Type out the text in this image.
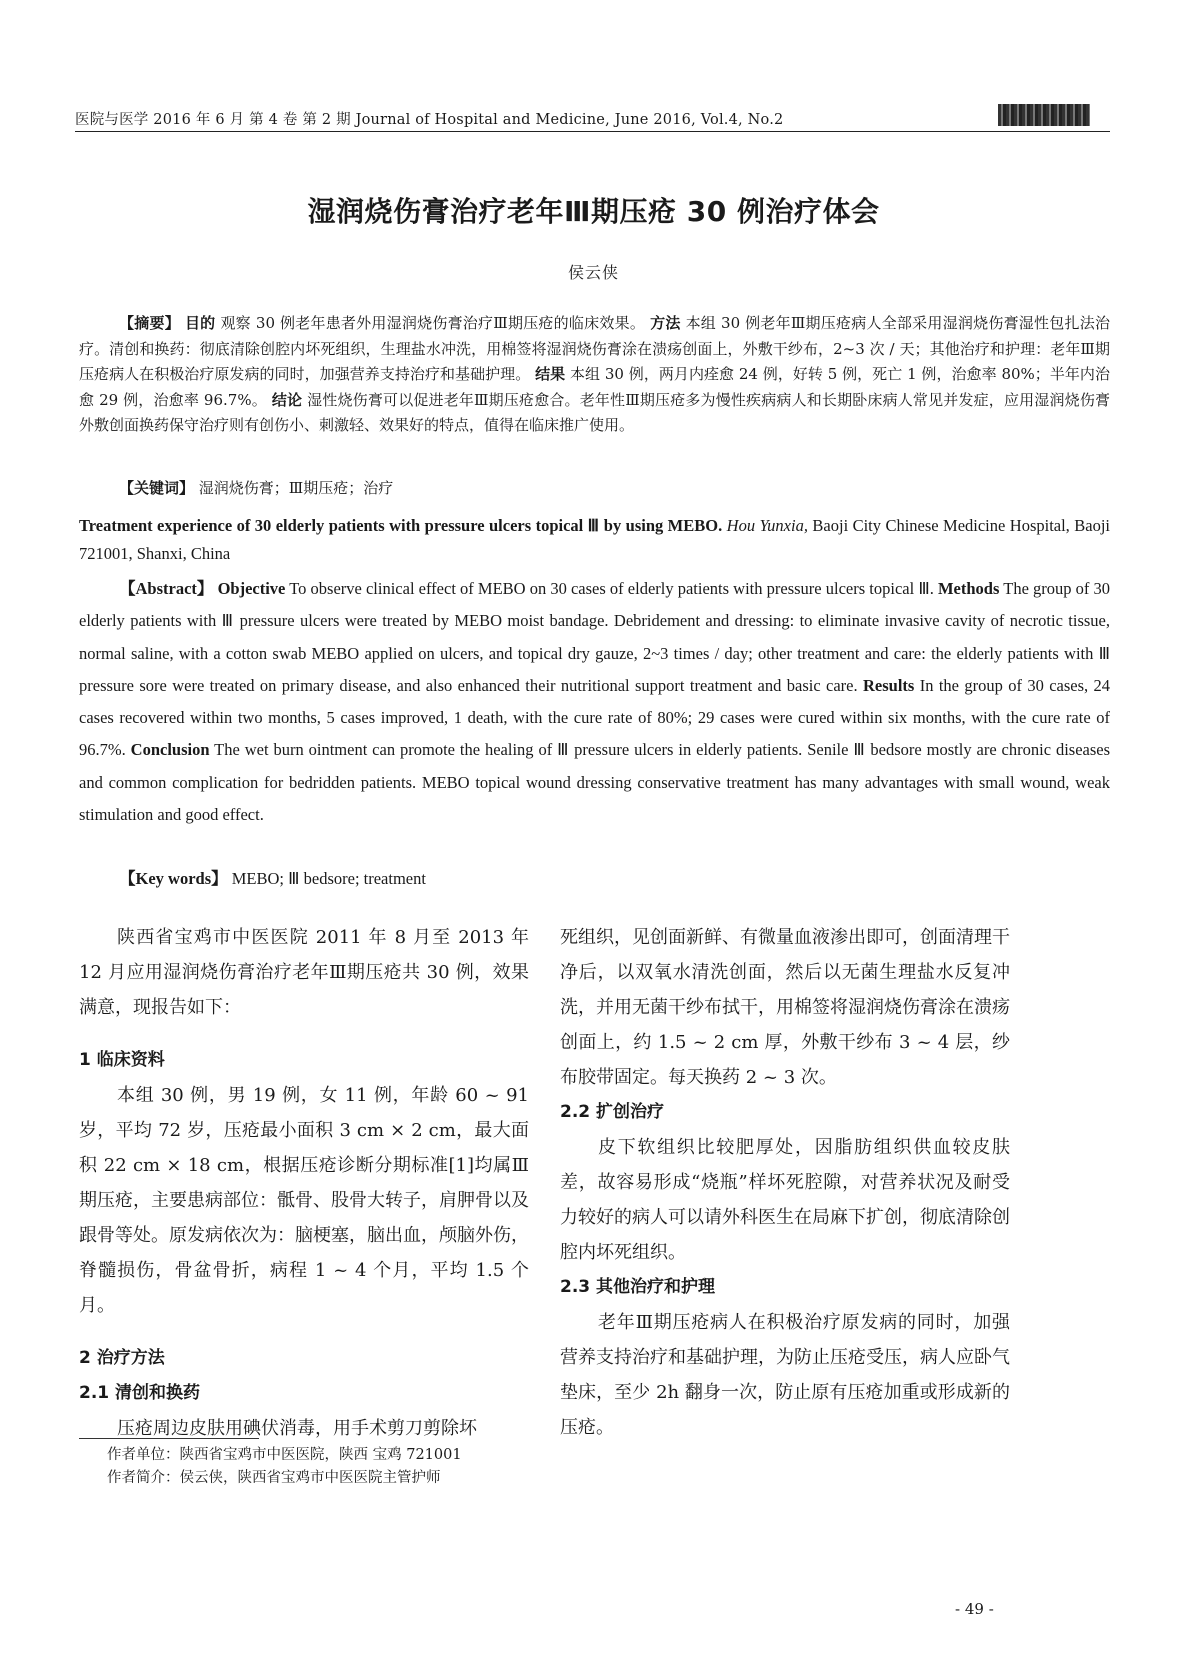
医院与医学 2016 年 6 月 第 4 卷 第 2 期 Journal of Hospital and Medicine, June 2016, Vol.4, No.2
湿润烧伤膏治疗老年Ⅲ期压疮 30 例治疗体会
侯云侠
【摘要】 目的 观察 30 例老年患者外用湿润烧伤膏治疗Ⅲ期压疮的临床效果。 方法 本组 30 例老年Ⅲ期压疮病人全部采用湿润烧伤膏湿性包扎法治疗。清创和换药：彻底清除创腔内坏死组织，生理盐水冲洗，用棉签将湿润烧伤膏涂在溃疡创面上，外敷干纱布，2~3 次 / 天；其他治疗和护理：老年Ⅲ期压疮病人在积极治疗原发病的同时，加强营养支持治疗和基础护理。 结果 本组 30 例，两月内痊愈 24 例，好转 5 例，死亡 1 例，治愈率 80%；半年内治愈 29 例，治愈率 96.7%。 结论 湿性烧伤膏可以促进老年Ⅲ期压疮愈合。老年性Ⅲ期压疮多为慢性疾病病人和长期卧床病人常见并发症，应用湿润烧伤膏外敷创面换药保守治疗则有创伤小、刺激轻、效果好的特点，值得在临床推广使用。
【关键词】 湿润烧伤膏；Ⅲ期压疮；治疗
Treatment experience of 30 elderly patients with pressure ulcers topical Ⅲ by using MEBO. Hou Yunxia, Baoji City Chinese Medicine Hospital, Baoji 721001, Shanxi, China
【Abstract】 Objective To observe clinical effect of MEBO on 30 cases of elderly patients with pressure ulcers topical Ⅲ. Methods The group of 30 elderly patients with Ⅲ pressure ulcers were treated by MEBO moist bandage. Debridement and dressing: to eliminate invasive cavity of necrotic tissue, normal saline, with a cotton swab MEBO applied on ulcers, and topical dry gauze, 2~3 times / day; other treatment and care: the elderly patients with Ⅲ pressure sore were treated on primary disease, and also enhanced their nutritional support treatment and basic care. Results In the group of 30 cases, 24 cases recovered within two months, 5 cases improved, 1 death, with the cure rate of 80%; 29 cases were cured within six months, with the cure rate of 96.7%. Conclusion The wet burn ointment can promote the healing of Ⅲ pressure ulcers in elderly patients. Senile Ⅲ bedsore mostly are chronic diseases and common complication for bedridden patients. MEBO topical wound dressing conservative treatment has many advantages with small wound, weak stimulation and good effect.
【Key words】 MEBO; Ⅲ bedsore; treatment

陕西省宝鸡市中医医院 2011 年 8 月至 2013 年 12 月应用湿润烧伤膏治疗老年Ⅲ期压疮共 30 例，效果满意，现报告如下：

1 临床资料

本组 30 例，男 19 例，女 11 例，年龄 60 ~ 91 岁，平均 72 岁，压疮最小面积 3 cm × 2 cm，最大面积 22 cm × 18 cm，根据压疮诊断分期标准[1]均属Ⅲ期压疮，主要患病部位：骶骨、股骨大转子，肩胛骨以及跟骨等处。原发病依次为：脑梗塞，脑出血，颅脑外伤，脊髓损伤，骨盆骨折，病程 1 ~ 4 个月，平均 1.5 个月。

2 治疗方法
2.1 清创和换药

压疮周边皮肤用碘伏消毒，用手术剪刀剪除坏

死组织，见创面新鲜、有微量血液渗出即可，创面清理干净后，以双氧水清洗创面，然后以无菌生理盐水反复冲洗，并用无菌干纱布拭干，用棉签将湿润烧伤膏涂在溃疡创面上，约 1.5 ~ 2 cm 厚，外敷干纱布 3 ~ 4 层，纱布胶带固定。每天换药 2 ~ 3 次。

2.2 扩创治疗

皮下软组织比较肥厚处，因脂肪组织供血较皮肤差，故容易形成“烧瓶”样坏死腔隙，对营养状况及耐受力较好的病人可以请外科医生在局麻下扩创，彻底清除创腔内坏死组织。

2.3 其他治疗和护理

老年Ⅲ期压疮病人在积极治疗原发病的同时，加强营养支持治疗和基础护理，为防止压疮受压，病人应卧气垫床，至少 2h 翻身一次，防止原有压疮加重或形成新的压疮。

作者单位：陕西省宝鸡市中医医院，陕西 宝鸡 721001
作者简介：侯云侠，陕西省宝鸡市中医医院主管护师
- 49 -
